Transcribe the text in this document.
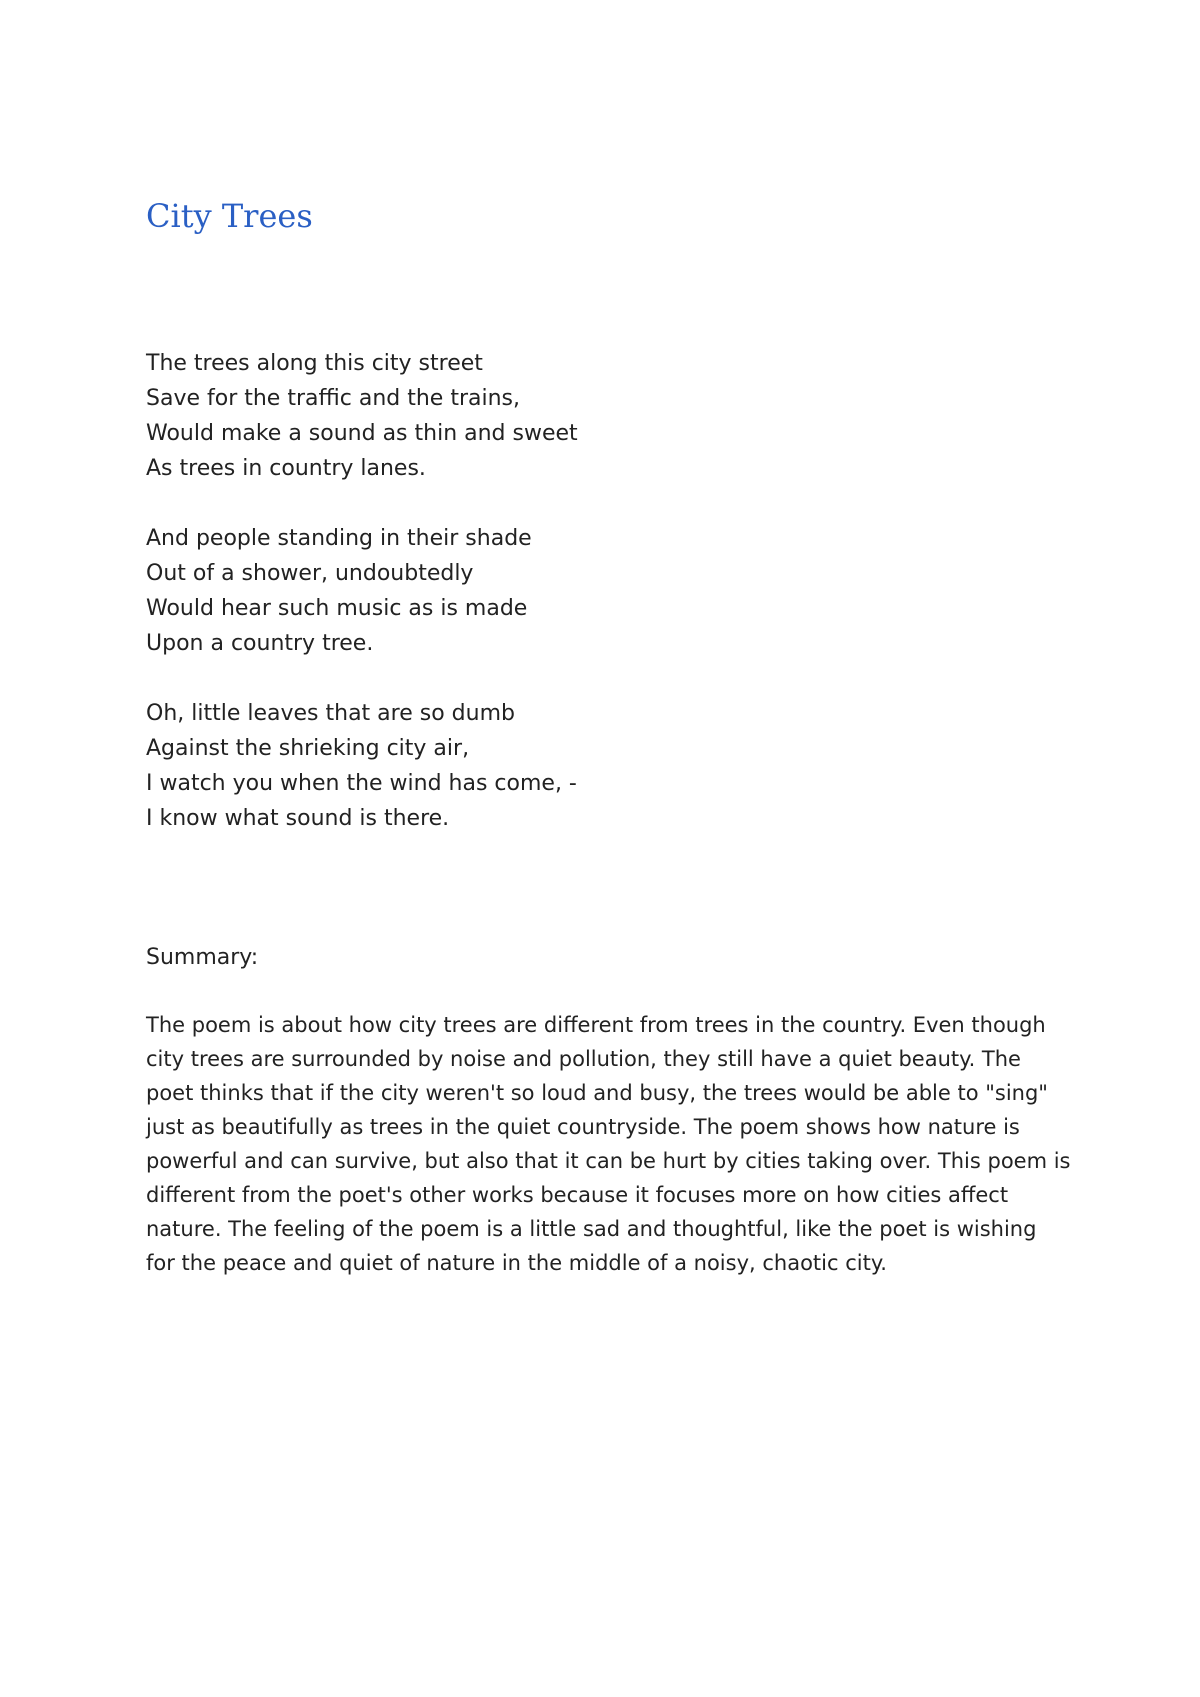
City Trees
The trees along this city street
Save for the traffic and the trains,
Would make a sound as thin and sweet
As trees in country lanes.
And people standing in their shade
Out of a shower, undoubtedly
Would hear such music as is made
Upon a country tree.
Oh, little leaves that are so dumb
Against the shrieking city air,
I watch you when the wind has come, -
I know what sound is there.

Summary:

The poem is about how city trees are different from trees in the country. Even though city trees are surrounded by noise and pollution, they still have a quiet beauty. The poet thinks that if the city weren't so loud and busy, the trees would be able to "sing" just as beautifully as trees in the quiet countryside. The poem shows how nature is powerful and can survive, but also that it can be hurt by cities taking over. This poem is different from the poet's other works because it focuses more on how cities affect nature. The feeling of the poem is a little sad and thoughtful, like the poet is wishing for the peace and quiet of nature in the middle of a noisy, chaotic city.
